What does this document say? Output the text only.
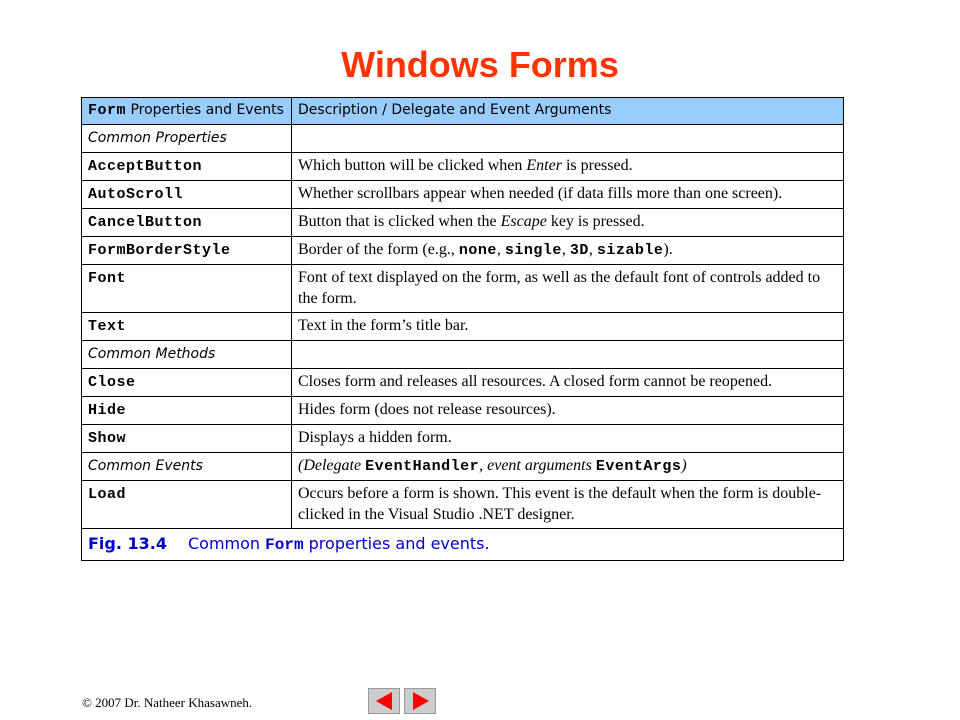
Windows Forms
Form Properties and Events	Description / Delegate and Event Arguments
Common Properties	
AcceptButton	Which button will be clicked when Enter is pressed.
AutoScroll	Whether scrollbars appear when needed (if data fills more than one screen).
CancelButton	Button that is clicked when the Escape key is pressed.
FormBorderStyle	Border of the form (e.g., none, single, 3D, sizable).
Font	Font of text displayed on the form, as well as the default font of controls added to the form.
Text	Text in the form’s title bar.
Common Methods	
Close	Closes form and releases all resources. A closed form cannot be reopened.
Hide	Hides form (does not release resources).
Show	Displays a hidden form.
Common Events	(Delegate EventHandler, event arguments EventArgs)
Load	Occurs before a form is shown. This event is the default when the form is double-clicked in the Visual Studio .NET designer.
Fig. 13.4 Common Form properties and events.	
© 2007 Dr. Natheer Khasawneh.
